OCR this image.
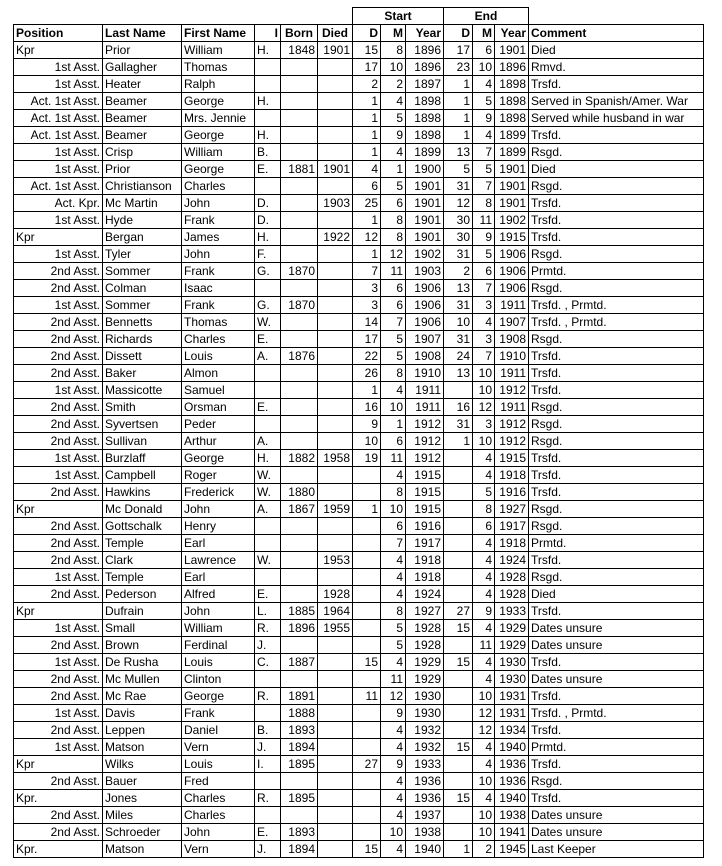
						Start			End			
Position	Last Name	First Name	I	Born	Died	D	M	Year	D	M	Year	Comment
Kpr	Prior	William	H.	1848	1901	15	8	1896	17	6	1901	Died
1st Asst.	Gallagher	Thomas				17	10	1896	23	10	1896	Rmvd.
1st Asst.	Heater	Ralph				2	2	1897	1	4	1898	Trsfd.
Act. 1st Asst.	Beamer	George	H.			1	4	1898	1	5	1898	Served in Spanish/Amer. War
Act. 1st Asst.	Beamer	Mrs. Jennie				1	5	1898	1	9	1898	Served while husband in war
Act. 1st Asst.	Beamer	George	H.			1	9	1898	1	4	1899	Trsfd.
1st Asst.	Crisp	William	B.			1	4	1899	13	7	1899	Rsgd.
1st Asst.	Prior	George	E.	1881	1901	4	1	1900	5	5	1901	Died
Act. 1st Asst.	Christianson	Charles				6	5	1901	31	7	1901	Rsgd.
Act. Kpr.	Mc Martin	John	D.		1903	25	6	1901	12	8	1901	Trsfd.
1st Asst.	Hyde	Frank	D.			1	8	1901	30	11	1902	Trsfd.
Kpr	Bergan	James	H.		1922	12	8	1901	30	9	1915	Trsfd.
1st Asst.	Tyler	John	F.			1	12	1902	31	5	1906	Rsgd.
2nd Asst.	Sommer	Frank	G.	1870		7	11	1903	2	6	1906	Prmtd.
2nd Asst.	Colman	Isaac				3	6	1906	13	7	1906	Rsgd.
1st Asst.	Sommer	Frank	G.	1870		3	6	1906	31	3	1911	Trsfd. , Prmtd.
2nd Asst.	Bennetts	Thomas	W.			14	7	1906	10	4	1907	Trsfd. , Prmtd.
2nd Asst.	Richards	Charles	E.			17	5	1907	31	3	1908	Rsgd.
2nd Asst.	Dissett	Louis	A.	1876		22	5	1908	24	7	1910	Trsfd.
2nd Asst.	Baker	Almon				26	8	1910	13	10	1911	Trsfd.
1st Asst.	Massicotte	Samuel				1	4	1911		10	1912	Trsfd.
2nd Asst.	Smith	Orsman	E.			16	10	1911	16	12	1911	Rsgd.
2nd Asst.	Syvertsen	Peder				9	1	1912	31	3	1912	Rsgd.
2nd Asst.	Sullivan	Arthur	A.			10	6	1912	1	10	1912	Rsgd.
1st Asst.	Burzlaff	George	H.	1882	1958	19	11	1912		4	1915	Trsfd.
1st Asst.	Campbell	Roger	W.				4	1915		4	1918	Trsfd.
2nd Asst.	Hawkins	Frederick	W.	1880			8	1915		5	1916	Trsfd.
Kpr	Mc Donald	John	A.	1867	1959	1	10	1915		8	1927	Rsgd.
2nd Asst.	Gottschalk	Henry					6	1916		6	1917	Rsgd.
2nd Asst.	Temple	Earl					7	1917		4	1918	Prmtd.
2nd Asst.	Clark	Lawrence	W.		1953		4	1918		4	1924	Trsfd.
1st Asst.	Temple	Earl					4	1918		4	1928	Rsgd.
2nd Asst.	Pederson	Alfred	E.		1928		4	1924		4	1928	Died
Kpr	Dufrain	John	L.	1885	1964		8	1927	27	9	1933	Trsfd.
1st Asst.	Small	William	R.	1896	1955		5	1928	15	4	1929	Dates unsure
2nd Asst.	Brown	Ferdinal	J.				5	1928		11	1929	Dates unsure
1st Asst.	De Rusha	Louis	C.	1887		15	4	1929	15	4	1930	Trsfd.
2nd Asst.	Mc Mullen	Clinton					11	1929		4	1930	Dates unsure
2nd Asst.	Mc Rae	George	R.	1891		11	12	1930		10	1931	Trsfd.
1st Asst.	Davis	Frank		1888			9	1930		12	1931	Trsfd. , Prmtd.
2nd Asst.	Leppen	Daniel	B.	1893			4	1932		12	1934	Trsfd.
1st Asst.	Matson	Vern	J.	1894			4	1932	15	4	1940	Prmtd.
Kpr	Wilks	Louis	I.	1895		27	9	1933		4	1936	Trsfd.
2nd Asst.	Bauer	Fred					4	1936		10	1936	Rsgd.
Kpr.	Jones	Charles	R.	1895			4	1936	15	4	1940	Trsfd.
2nd Asst.	Miles	Charles					4	1937		10	1938	Dates unsure
2nd Asst.	Schroeder	John	E.	1893			10	1938		10	1941	Dates unsure
Kpr.	Matson	Vern	J.	1894		15	4	1940	1	2	1945	Last Keeper
